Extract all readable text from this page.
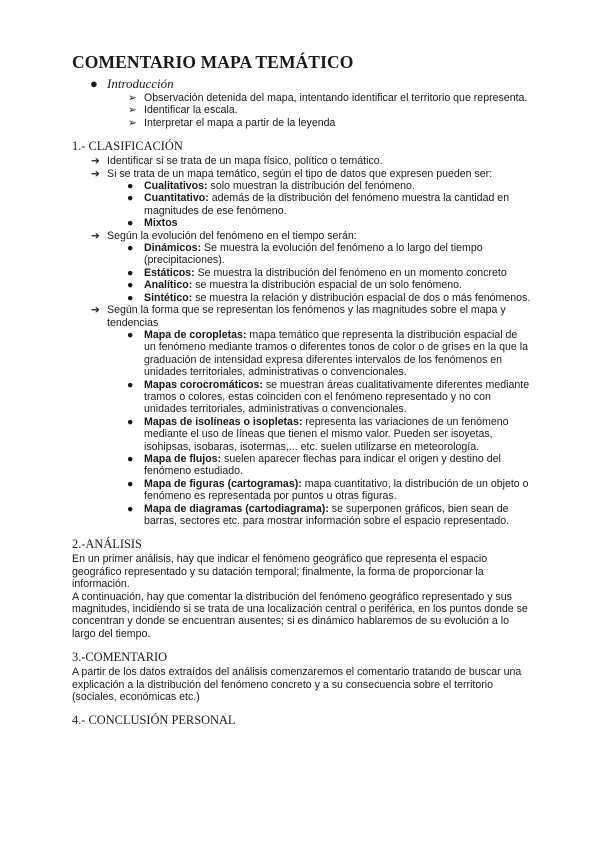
COMENTARIO MAPA TEMÁTICO
● Introducción
➢ Observación detenida del mapa, intentando identificar el territorio que representa.
➢ Identificar la escala.
➢ Interpretar el mapa a partir de la leyenda
1.- CLASIFICACIÓN
➔ Identificar si se trata de un mapa físico, político o temático.
➔ Si se trata de un mapa temático, según el tipo de datos que expresen pueden ser:
● Cualitativos: solo muestran la distribución del fenómeno.
● Cuantitativo: además de la distribución del fenómeno muestra la cantidad en magnitudes de ese fenómeno.
● Mixtos
➔ Según la evolución del fenómeno en el tiempo serán:
● Dinámicos: Se muestra la evolución del fenómeno a lo largo del tiempo (precipitaciones).
● Estáticos: Se muestra la distribución del fenómeno en un momento concreto
● Analítico: se muestra la distribución espacial de un solo fenómeno.
● Sintético: se muestra la relación y distribución espacial de dos o más fenómenos.
➔ Según la forma que se representan los fenómenos y las magnitudes sobre el mapa y tendencias
● Mapa de coropletas: mapa temático que representa la distribución espacial de un fenómeno mediante tramos o diferentes tonos de color o de grises en la que la graduación de intensidad expresa diferentes intervalos de los fenómenos en unidades territoriales, administrativas o convencionales.
● Mapas corocromáticos: se muestran áreas cualitativamente diferentes mediante tramos o colores, estas coinciden con el fenómeno representado y no con unidades territoriales, administrativas o convencionales.
● Mapas de isolíneas o isopletas: representa las variaciones de un fenómeno mediante el uso de líneas que tienen el mismo valor. Pueden ser isoyetas, isohipsas, isobaras, isotermas,... etc. suelen utilizarse en meteorología.
● Mapa de flujos: suelen aparecer flechas para indicar el origen y destino del fenómeno estudiado.
● Mapa de figuras (cartogramas): mapa cuantitativo, la distribución de un objeto o fenómeno es representada por puntos u otras figuras.
● Mapa de diagramas (cartodiagrama): se superponen gráficos, bien sean de barras, sectores etc. para mostrar información sobre el espacio representado.
2.-ANÁLISIS

En un primer análisis, hay que indicar el fenómeno geográfico que representa el espacio geográfico representado y su datación temporal; finalmente, la forma de proporcionar la información.

A continuación, hay que comentar la distribución del fenómeno geográfico representado y sus magnitudes, incidiendo si se trata de una localización central o periférica, en los puntos donde se concentran y donde se encuentran ausentes; si es dinámico hablaremos de su evolución a lo largo del tiempo.

3.-COMENTARIO

A partir de los datos extraídos del análisis comenzaremos el comentario tratando de buscar una explicación a la distribución del fenómeno concreto y a su consecuencia sobre el territorio (sociales, económicas etc.)

4.- CONCLUSIÓN PERSONAL
